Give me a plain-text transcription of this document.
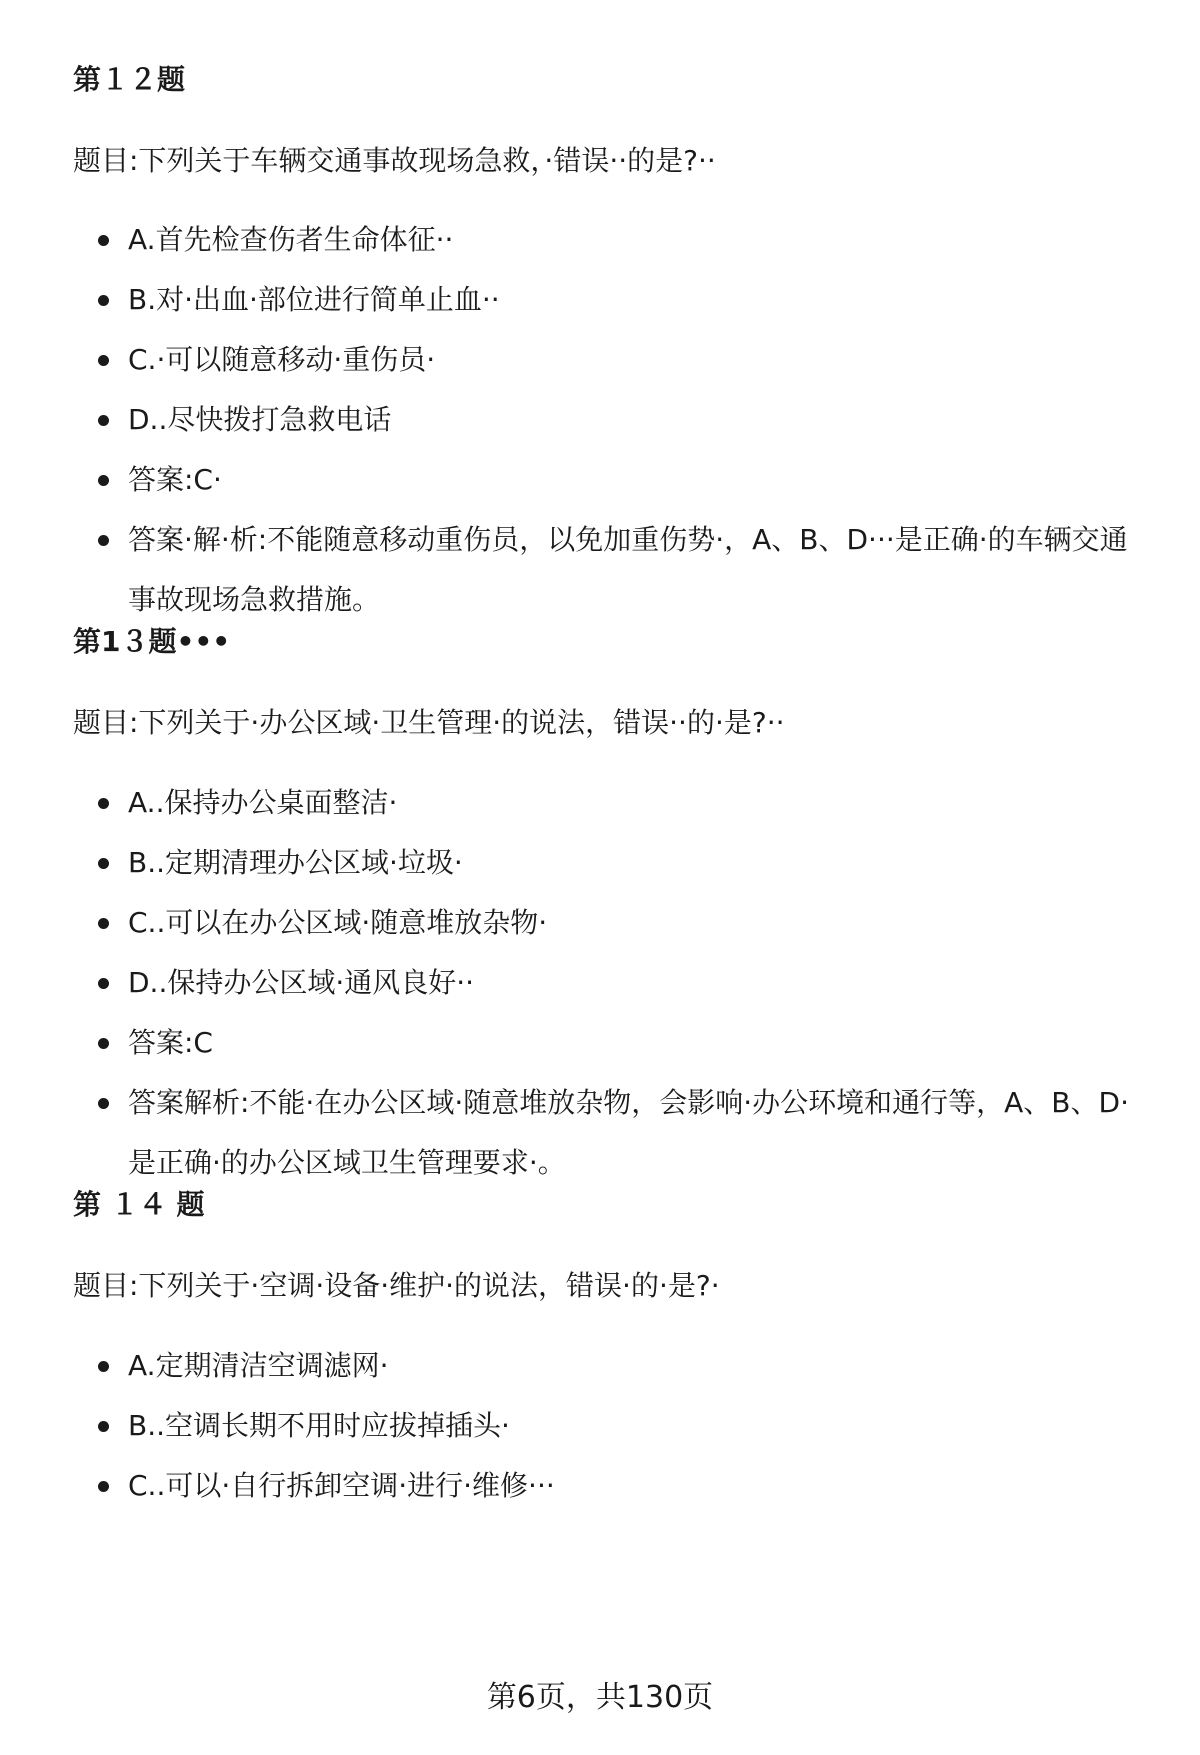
第１２题

题目:下列关于车辆交通事故现场急救，·错误··的是?··

A.首先检查伤者生命体征··
B.对·出血·部位进行简单止血··
C.·可以随意移动·重伤员·
D..尽快拨打急救电话
答案:C·
答案·解·析:不能随意移动重伤员，以免加重伤势·，A、B、D···是正确·的车辆交通事故现场急救措施。
第1３题•••

题目:下列关于·办公区域·卫生管理·的说法，错误··的·是?··

A..保持办公桌面整洁·
B..定期清理办公区域·垃圾·
C..可以在办公区域·随意堆放杂物·
D..保持办公区域·通风良好··
答案:C
答案解析:不能·在办公区域·随意堆放杂物，会影响·办公环境和通行等，A、B、D·是正确·的办公区域卫生管理要求·。
第 １４ 题

题目:下列关于·空调·设备·维护·的说法，错误·的·是?·

A.定期清洁空调滤网·
B..空调长期不用时应拔掉插头·
C..可以·自行拆卸空调·进行·维修···
第6页，共130页
